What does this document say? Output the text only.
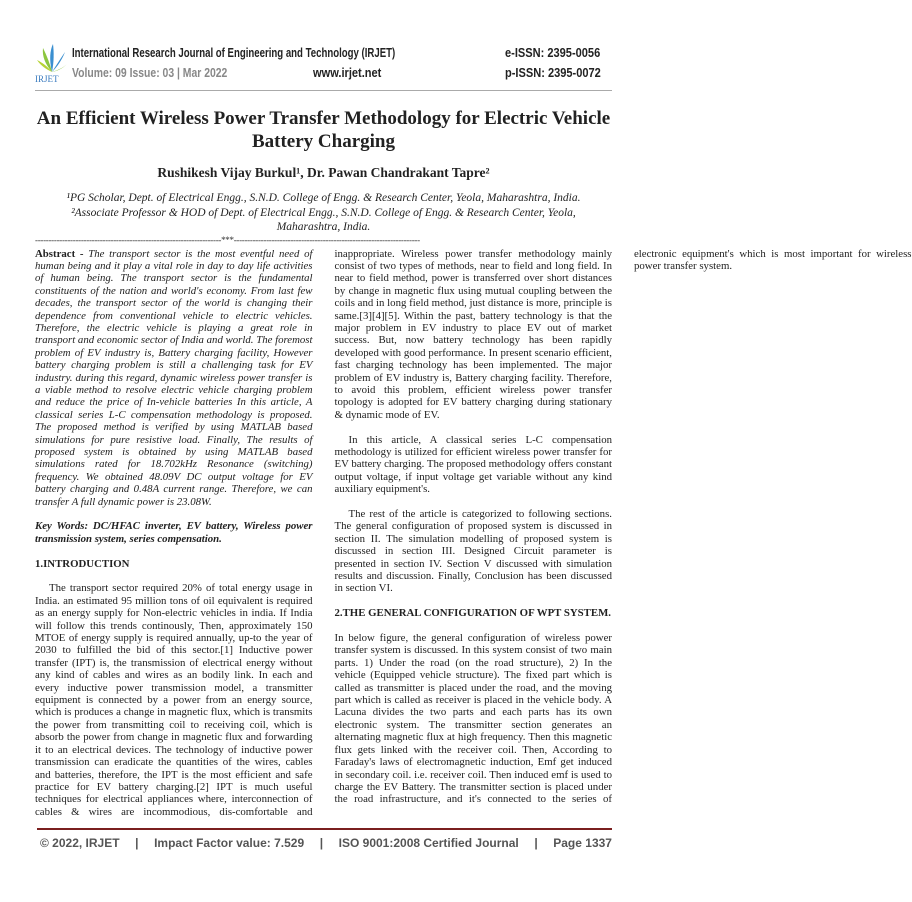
IRJET
International Research Journal of Engineering and Technology (IRJET)
Volume: 09 Issue: 03 | Mar 2022	www.irjet.net
e-ISSN: 2395-0056
p-ISSN: 2395-0072
An Efficient Wireless Power Transfer Methodology for Electric Vehicle Battery Charging
Rushikesh Vijay Burkul¹, Dr. Pawan Chandrakant Tapre²
¹PG Scholar, Dept. of Electrical Engg., S.N.D. College of Engg. & Research Center, Yeola, Maharashtra, India.
²Associate Professor & HOD of Dept. of Electrical Engg., S.N.D. College of Engg. & Research Center, Yeola, Maharashtra, India.
---------------------------------------------------------------------***---------------------------------------------------------------------

Abstract - The transport sector is the most eventful need of human being and it play a vital role in day to day life activities of human being. The transport sector is the fundamental constituents of the nation and world's economy. From last few decades, the transport sector of the world is changing their dependence from conventional vehicle to electric vehicles. Therefore, the electric vehicle is playing a great role in transport and economic sector of India and world. The foremost problem of EV industry is, Battery charging facility, However battery charging problem is still a challenging task for EV industry. during this regard, dynamic wireless power transfer is a viable method to resolve electric vehicle charging problem and reduce the price of In-vehicle batteries In this article, A classical series L-C compensation methodology is proposed. The proposed method is verified by using MATLAB based simulations for pure resistive load. Finally, The results of proposed system is obtained by using MATLAB based simulations rated for 18.702kHz Resonance (switching) frequency. We obtained 48.09V DC output voltage for EV battery charging and 0.48A current range. Therefore, we can transfer A full dynamic power is 23.08W.

Key Words: DC/HFAC inverter, EV battery, Wireless power transmission system, series compensation.

1.INTRODUCTION

The transport sector required 20% of total energy usage in India. an estimated 95 million tons of oil equivalent is required as an energy supply for Non-electric vehicles in india. If India will follow this trends continously, Then, approximately 150 MTOE of energy supply is required annually, up-to the year of 2030 to fulfilled the bid of this sector.[1] Inductive power transfer (IPT) is, the transmission of electrical energy without any kind of cables and wires as an bodily link. In each and every inductive power transmission model, a transmitter equipment is connected by a power from an energy source, which is produces a change in magnetic flux, which is transmits the power from transmitting coil to receiving coil, which is absorb the power from change in magnetic flux and forwarding it to an electrical devices. The technology of inductive power transmission can eradicate the quantities of the wires, cables and batteries, therefore, the IPT is the most efficient and safe practice for EV battery charging.[2] IPT is much useful techniques for electrical appliances where, interconnection of cables & wires are incommodious, dis-comfortable and inappropriate. Wireless power transfer methodology mainly consist of two types of methods, near to field and long field. In near to field method, power is transferred over short distances by change in magnetic flux using mutual coupling between the coils and in long field method, just distance is more, principle is same.[3][4][5]. Within the past, battery technology is that the major problem in EV industry to place EV out of market success. But, now battery technology has been rapidly developed with good performance. In present scenario efficient, fast charging technology has been implemented. The major problem of EV industry is, Battery charging facility. Therefore, to avoid this problem, efficient wireless power transfer topology is adopted for EV battery charging during stationary & dynamic mode of EV.

In this article, A classical series L-C compensation methodology is utilized for efficient wireless power transfer for EV battery charging. The proposed methodology offers constant output voltage, if input voltage get variable without any kind auxiliary equipment's.

The rest of the article is categorized to following sections. The general configuration of proposed system is discussed in section II. The simulation modelling of proposed system is discussed in section III. Designed Circuit parameter is presented in section IV. Section V discussed with simulation results and discussion. Finally, Conclusion has been discussed in section VI.

2.THE GENERAL CONFIGURATION OF WPT SYSTEM.

In below figure, the general configuration of wireless power transfer system is discussed. In this system consist of two main parts. 1) Under the road (on the road structure), 2) In the vehicle (Equipped vehicle structure). The fixed part which is called as transmitter is placed under the road, and the moving part which is called as receiver is placed in the vehicle body. A Lacuna divides the two parts and each parts has its own electronic system. The transmitter section generates an alternating magnetic flux at high frequency. Then this magnetic flux gets linked with the receiver coil. Then, According to Faraday's laws of electromagnetic induction, Emf get induced in secondary coil. i.e. receiver coil. Then induced emf is used to charge the EV Battery. The transmitter section is placed under the road infrastructure, and it's connected to the series of electronic equipment's which is most important for wireless power transfer system.

© 2022, IRJET | Impact Factor value: 7.529 | ISO 9001:2008 Certified Journal | Page 1337
